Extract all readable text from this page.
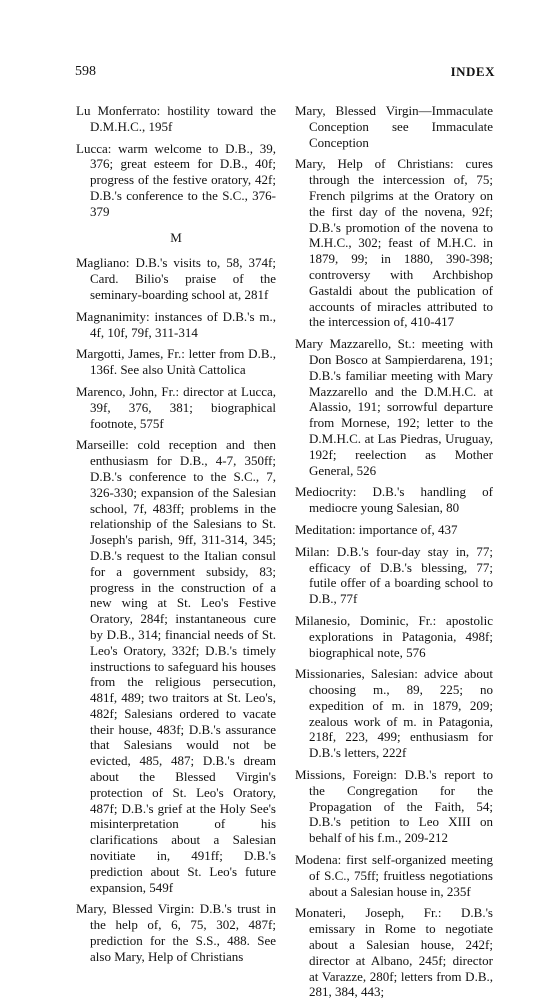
598	INDEX

Lu Monferrato: hostility toward the D.M.H.C., 195f

Lucca: warm welcome to D.B., 39, 376; great esteem for D.B., 40f; progress of the festive oratory, 42f; D.B.'s conference to the S.C., 376-379

M

Magliano: D.B.'s visits to, 58, 374f; Card. Bilio's praise of the seminary-boarding school at, 281f

Magnanimity: instances of D.B.'s m., 4f, 10f, 79f, 311-314

Margotti, James, Fr.: letter from D.B., 136f. See also Unità Cattolica

Marenco, John, Fr.: director at Lucca, 39f, 376, 381; biographical footnote, 575f

Marseille: cold reception and then enthusiasm for D.B., 4-7, 350ff; D.B.'s conference to the S.C., 7, 326-330; expansion of the Salesian school, 7f, 483ff; problems in the relationship of the Salesians to St. Joseph's parish, 9ff, 311-314, 345; D.B.'s request to the Italian consul for a government subsidy, 83; progress in the construction of a new wing at St. Leo's Festive Oratory, 284f; instantaneous cure by D.B., 314; financial needs of St. Leo's Oratory, 332f; D.B.'s timely instructions to safeguard his houses from the religious persecution, 481f, 489; two traitors at St. Leo's, 482f; Salesians ordered to vacate their house, 483f; D.B.'s assurance that Salesians would not be evicted, 485, 487; D.B.'s dream about the Blessed Virgin's protection of St. Leo's Oratory, 487f; D.B.'s grief at the Holy See's misinterpretation of his clarifications about a Salesian novitiate in, 491ff; D.B.'s prediction about St. Leo's future expansion, 549f

Mary, Blessed Virgin: D.B.'s trust in the help of, 6, 75, 302, 487f; prediction for the S.S., 488. See also Mary, Help of Christians

Mary, Blessed Virgin—Immaculate Conception see Immaculate Conception

Mary, Help of Christians: cures through the intercession of, 75; French pilgrims at the Oratory on the first day of the novena, 92f; D.B.'s promotion of the novena to M.H.C., 302; feast of M.H.C. in 1879, 99; in 1880, 390-398; controversy with Archbishop Gastaldi about the publication of accounts of miracles attributed to the intercession of, 410-417

Mary Mazzarello, St.: meeting with Don Bosco at Sampierdarena, 191; D.B.'s familiar meeting with Mary Mazzarello and the D.M.H.C. at Alassio, 191; sorrowful departure from Mornese, 192; letter to the D.M.H.C. at Las Piedras, Uruguay, 192f; reelection as Mother General, 526

Mediocrity: D.B.'s handling of mediocre young Salesian, 80

Meditation: importance of, 437

Milan: D.B.'s four-day stay in, 77; efficacy of D.B.'s blessing, 77; futile offer of a boarding school to D.B., 77f

Milanesio, Dominic, Fr.: apostolic explorations in Patagonia, 498f; biographical note, 576

Missionaries, Salesian: advice about choosing m., 89, 225; no expedition of m. in 1879, 209; zealous work of m. in Patagonia, 218f, 223, 499; enthusiasm for D.B.'s letters, 222f

Missions, Foreign: D.B.'s report to the Congregation for the Propagation of the Faith, 54; D.B.'s petition to Leo XIII on behalf of his f.m., 209-212

Modena: first self-organized meeting of S.C., 75ff; fruitless negotiations about a Salesian house in, 235f

Monateri, Joseph, Fr.: D.B.'s emissary in Rome to negotiate about a Salesian house, 242f; director at Albano, 245f; director at Varazze, 280f; letters from D.B., 281, 384, 443;
